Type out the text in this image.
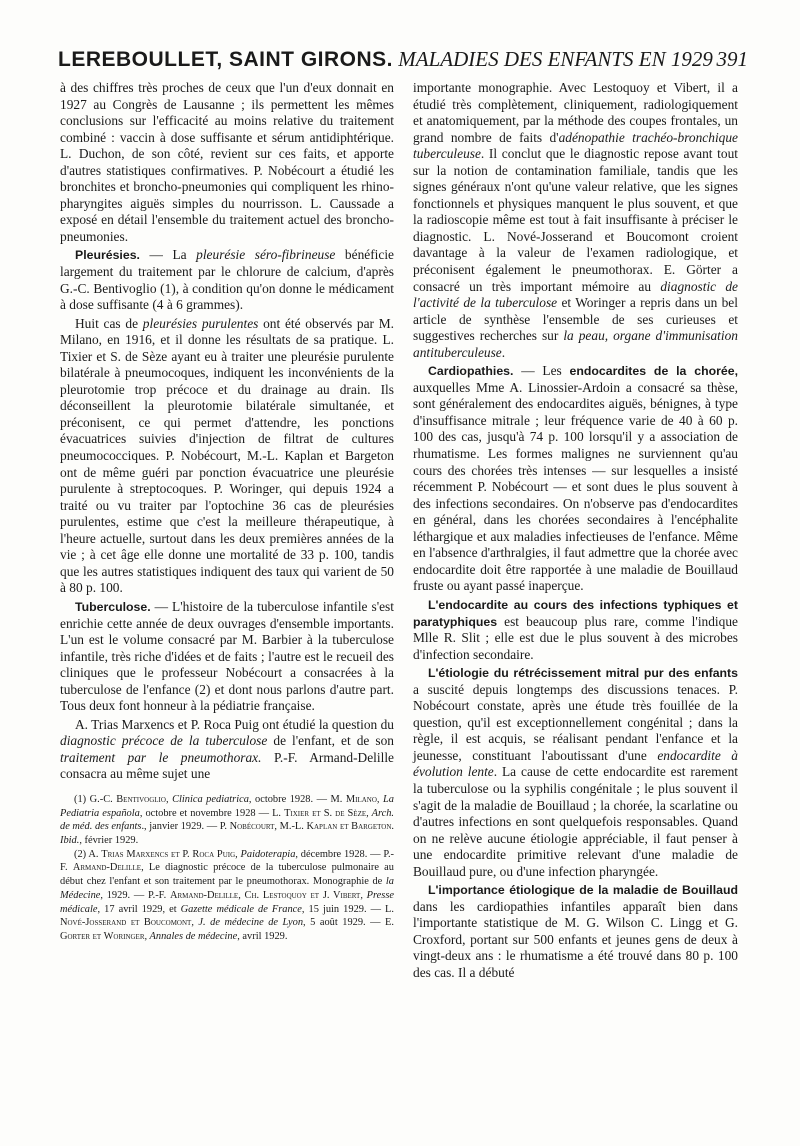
LEREBOULLET, SAINT GIRONS. MALADIES DES ENFANTS EN 1929 391

à des chiffres très proches de ceux que l'un d'eux donnait en 1927 au Congrès de Lausanne ; ils permettent les mêmes conclusions sur l'efficacité au moins relative du traitement combiné : vaccin à dose suffisante et sérum antidiphtérique. L. Duchon, de son côté, revient sur ces faits, et apporte d'autres statistiques confirmatives. P. Nobécourt a étudié les bronchites et broncho-pneumonies qui compliquent les rhino-pharyngites aiguës simples du nourrisson. L. Caussade a exposé en détail l'ensemble du traitement actuel des broncho-pneumonies.

Pleurésies. — La pleurésie séro-fibrineuse bénéficie largement du traitement par le chlorure de calcium, d'après G.-C. Bentivoglio (1), à condition qu'on donne le médicament à dose suffisante (4 à 6 grammes).

Huit cas de pleurésies purulentes ont été observés par M. Milano, en 1916, et il donne les résultats de sa pratique. L. Tixier et S. de Sèze ayant eu à traiter une pleurésie purulente bilatérale à pneumocoques, indiquent les inconvénients de la pleurotomie trop précoce et du drainage au drain. Ils déconseillent la pleurotomie bilatérale simultanée, et préconisent, ce qui permet d'attendre, les ponctions évacuatrices suivies d'injection de filtrat de cultures pneumococciques. P. Nobécourt, M.-L. Kaplan et Bargeton ont de même guéri par ponction évacuatrice une pleurésie purulente à streptocoques. P. Woringer, qui depuis 1924 a traité ou vu traiter par l'optochine 36 cas de pleurésies purulentes, estime que c'est la meilleure thérapeutique, à l'heure actuelle, surtout dans les deux premières années de la vie ; à cet âge elle donne une mortalité de 33 p. 100, tandis que les autres statistiques indiquent des taux qui varient de 50 à 80 p. 100.

Tuberculose. — L'histoire de la tuberculose infantile s'est enrichie cette année de deux ouvrages d'ensemble importants. L'un est le volume consacré par M. Barbier à la tuberculose infantile, très riche d'idées et de faits ; l'autre est le recueil des cliniques que le professeur Nobécourt a consacrées à la tuberculose de l'enfance (2) et dont nous parlons d'autre part. Tous deux font honneur à la pédiatrie française.

A. Trias Marxencs et P. Roca Puig ont étudié la question du diagnostic précoce de la tuberculose de l'enfant, et de son traitement par le pneumothorax. P.-F. Armand-Delille consacra au même sujet une

(1) G.-C. Bentivoglio, Clinica pediatrica, octobre 1928. — M. Milano, La Pediatria española, octobre et novembre 1928 — L. Tixier et S. de Sèze, Arch. de méd. des enfants., janvier 1929. — P. Nobécourt, M.-L. Kaplan et Bargeton. Ibid., février 1929.

(2) A. Trias Marxencs et P. Roca Puig, Paidoterapia, décembre 1928. — P.-F. Armand-Delille, Le diagnostic précoce de la tuberculose pulmonaire au début chez l'enfant et son traitement par le pneumothorax. Monographie de la Médecine, 1929. — P.-F. Armand-Delille, Ch. Lestoquoy et J. Vibert, Presse médicale, 17 avril 1929, et Gazette médicale de France, 15 juin 1929. — L. Nové-Josserand et Boucomont, J. de médecine de Lyon, 5 août 1929. — E. Gorter et Woringer, Annales de médecine, avril 1929.

importante monographie. Avec Lestoquoy et Vibert, il a étudié très complètement, cliniquement, radiologiquement et anatomiquement, par la méthode des coupes frontales, un grand nombre de faits d'adénopathie trachéo-bronchique tuberculeuse. Il conclut que le diagnostic repose avant tout sur la notion de contamination familiale, tandis que les signes généraux n'ont qu'une valeur relative, que les signes fonctionnels et physiques manquent le plus souvent, et que la radioscopie même est tout à fait insuffisante à préciser le diagnostic. L. Nové-Josserand et Boucomont croient davantage à la valeur de l'examen radiologique, et préconisent également le pneumothorax. E. Görter a consacré un très important mémoire au diagnostic de l'activité de la tuberculose et Woringer a repris dans un bel article de synthèse l'ensemble de ses curieuses et suggestives recherches sur la peau, organe d'immunisation antituberculeuse.

Cardiopathies. — Les endocardites de la chorée, auxquelles Mme A. Linossier-Ardoin a consacré sa thèse, sont généralement des endocardites aiguës, bénignes, à type d'insuffisance mitrale ; leur fréquence varie de 40 à 60 p. 100 des cas, jusqu'à 74 p. 100 lorsqu'il y a association de rhumatisme. Les formes malignes ne surviennent qu'au cours des chorées très intenses — sur lesquelles a insisté récemment P. Nobécourt — et sont dues le plus souvent à des infections secondaires. On n'observe pas d'endocardites en général, dans les chorées secondaires à l'encéphalite léthargique et aux maladies infectieuses de l'enfance. Même en l'absence d'arthralgies, il faut admettre que la chorée avec endocardite doit être rapportée à une maladie de Bouillaud fruste ou ayant passé inaperçue.

L'endocardite au cours des infections typhiques et paratyphiques est beaucoup plus rare, comme l'indique Mlle R. Slit ; elle est due le plus souvent à des microbes d'infection secondaire.

L'étiologie du rétrécissement mitral pur des enfants a suscité depuis longtemps des discussions tenaces. P. Nobécourt constate, après une étude très fouillée de la question, qu'il est exceptionnellement congénital ; dans la règle, il est acquis, se réalisant pendant l'enfance et la jeunesse, constituant l'aboutissant d'une endocardite à évolution lente. La cause de cette endocardite est rarement la tuberculose ou la syphilis congénitale ; le plus souvent il s'agit de la maladie de Bouillaud ; la chorée, la scarlatine ou d'autres infections en sont quelquefois responsables. Quand on ne relève aucune étiologie appréciable, il faut penser à une endocardite primitive relevant d'une maladie de Bouillaud pure, ou d'une infection pharyngée.

L'importance étiologique de la maladie de Bouillaud dans les cardiopathies infantiles apparaît bien dans l'importante statistique de M. G. Wilson C. Lingg et G. Croxford, portant sur 500 enfants et jeunes gens de deux à vingt-deux ans : le rhumatisme a été trouvé dans 80 p. 100 des cas. Il a débuté
